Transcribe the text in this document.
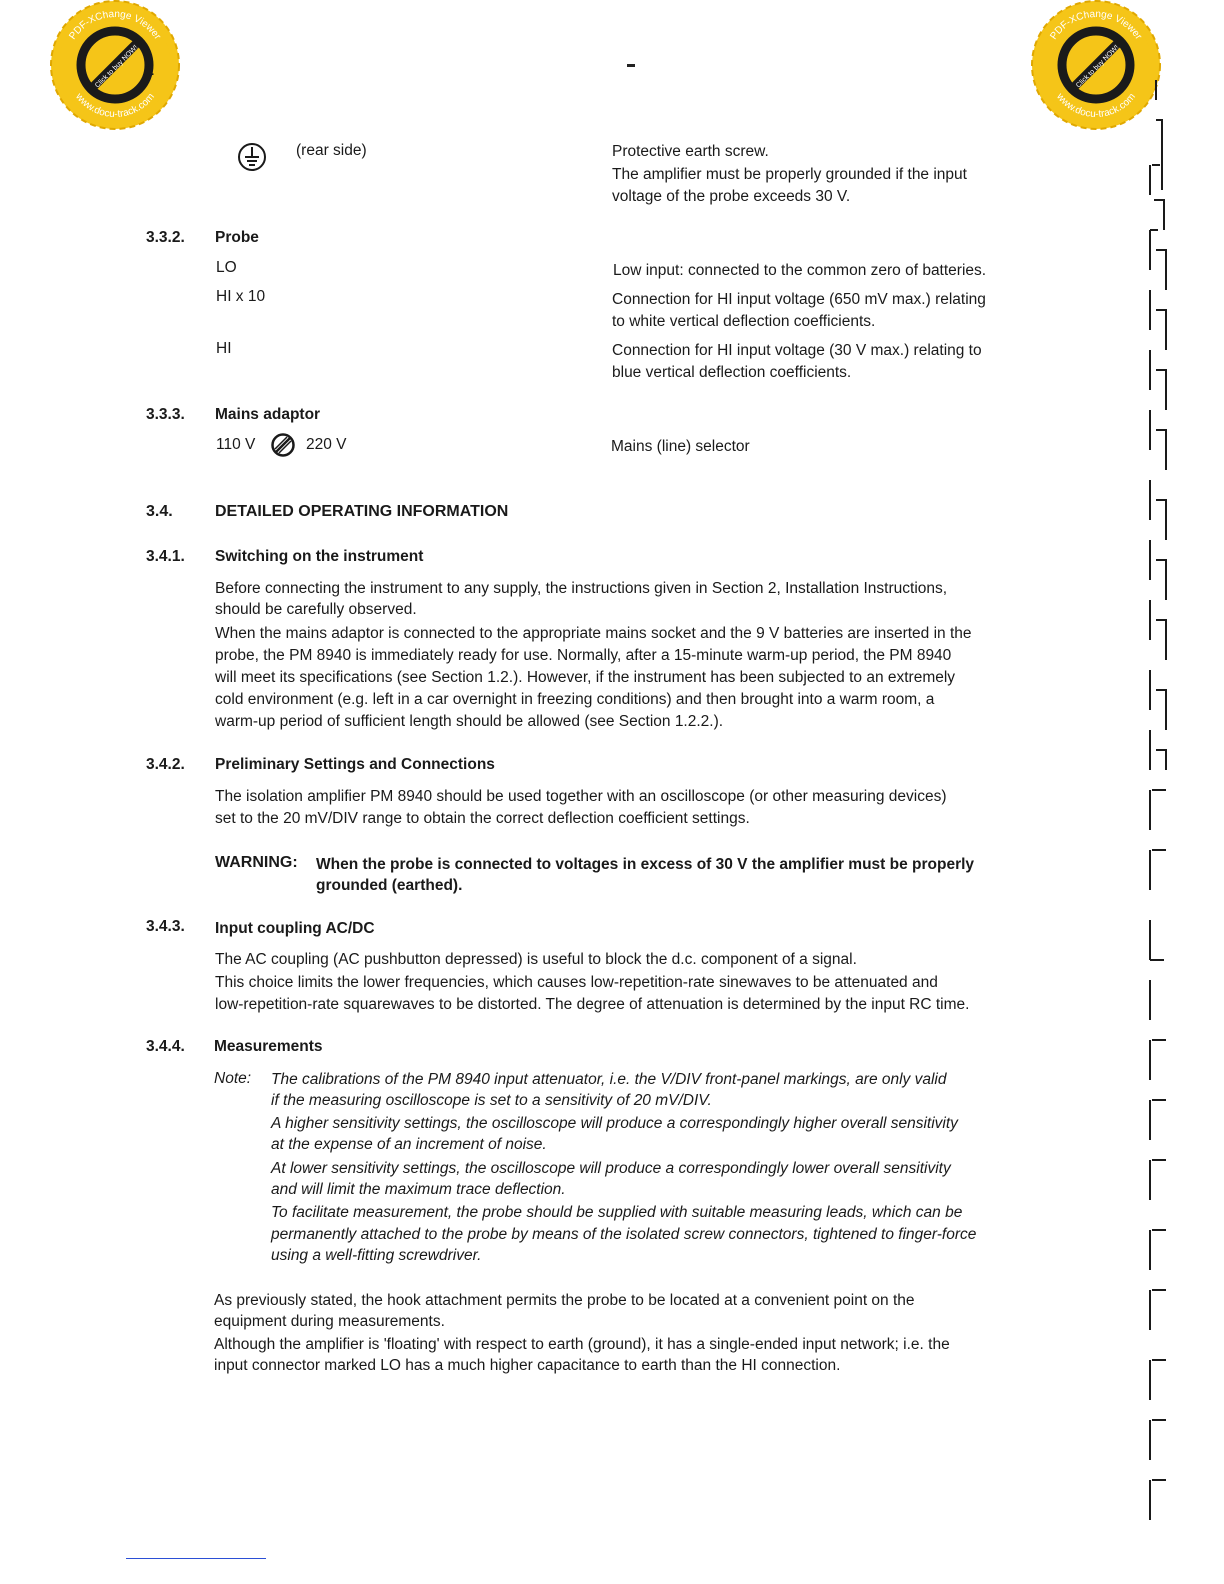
PDF-XChange Viewer
www.docu-track.com
Click to buy NOW!
PDF-XChange Viewer
www.docu-track.com
Click to buy NOW!
1

(rear side)	Protective earth screw.

The amplifier must be properly grounded if the input

voltage of the probe exceeds 30 V.

3.3.2. Probe

LO	Low input: connected to the common zero of batteries.

HI x 10	Connection for HI input voltage (650 mV max.) relating

to white vertical deflection coefficients.

HI	Connection for HI input voltage (30 V max.) relating to

blue vertical deflection coefficients.

3.3.3. Mains adaptor

110 V	220 V	Mains (line) selector

3.4.	DETAILED OPERATING INFORMATION

3.4.1. Switching on the instrument

Before connecting the instrument to any supply, the instructions given in Section 2, Installation Instructions,

should be carefully observed.

When the mains adaptor is connected to the appropriate mains socket and the 9 V batteries are inserted in the

probe, the PM 8940 is immediately ready for use. Normally, after a 15-minute warm-up period, the PM 8940

will meet its specifications (see Section 1.2.). However, if the instrument has been subjected to an extremely

cold environment (e.g. left in a car overnight in freezing conditions) and then brought into a warm room, a

warm-up period of sufficient length should be allowed (see Section 1.2.2.).

3.4.2. Preliminary Settings and Connections

The isolation amplifier PM 8940 should be used together with an oscilloscope (or other measuring devices)

set to the 20 mV/DIV range to obtain the correct deflection coefficient settings.

WARNING: When the probe is connected to voltages in excess of 30 V the amplifier must be properly

grounded (earthed).

3.4.3. Input coupling AC/DC

The AC coupling (AC pushbutton depressed) is useful to block the d.c. component of a signal.

This choice limits the lower frequencies, which causes low-repetition-rate sinewaves to be attenuated and

low-repetition-rate squarewaves to be distorted. The degree of attenuation is determined by the input RC time.

3.4.4. Measurements

Note: The calibrations of the PM 8940 input attenuator, i.e. the V/DIV front-panel markings, are only valid

if the measuring oscilloscope is set to a sensitivity of 20 mV/DIV.

A higher sensitivity settings, the oscilloscope will produce a correspondingly higher overall sensitivity

at the expense of an increment of noise.

At lower sensitivity settings, the oscilloscope will produce a correspondingly lower overall sensitivity

and will limit the maximum trace deflection.

To facilitate measurement, the probe should be supplied with suitable measuring leads, which can be

permanently attached to the probe by means of the isolated screw connectors, tightened to finger-force

using a well-fitting screwdriver.

As previously stated, the hook attachment permits the probe to be located at a convenient point on the

equipment during measurements.

Although the amplifier is 'floating' with respect to earth (ground), it has a single-ended input network; i.e. the

input connector marked LO has a much higher capacitance to earth than the HI connection.
